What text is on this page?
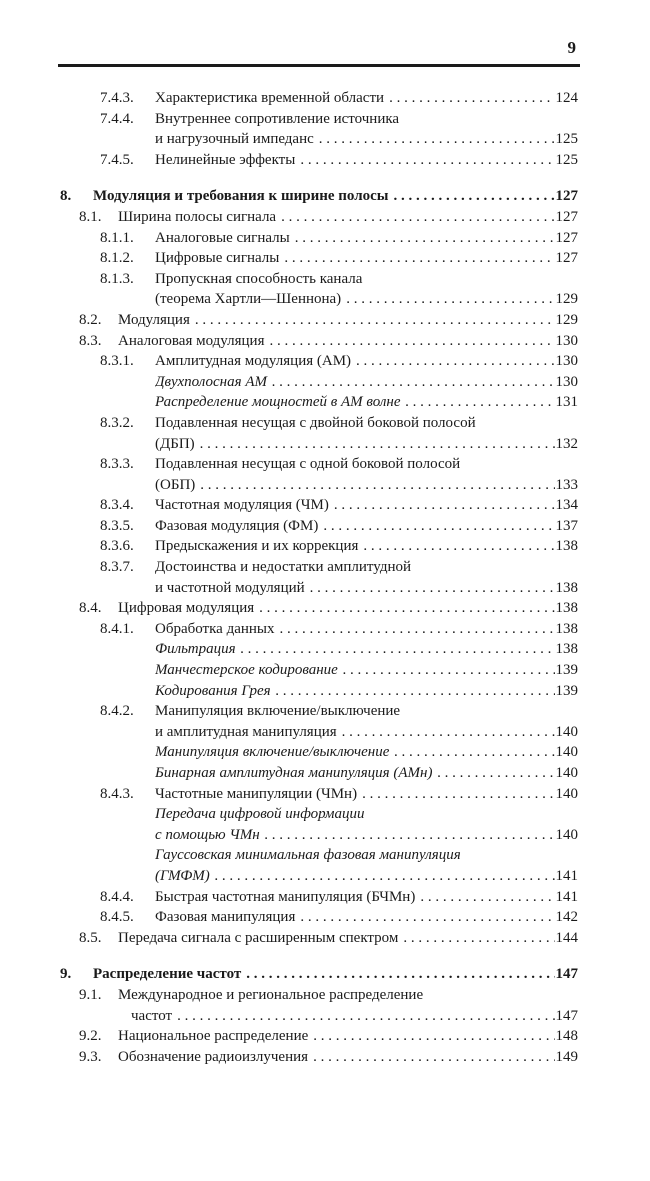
9
7.4.3. Характеристика временной области . . .	124
7.4.4. Внутреннее сопротивление источника
и нагрузочный импеданс . . .	125
7.4.5. Нелинейные эффекты . . .	125
8. Модуляция и требования к ширине полосы . . .	127
8.1. Ширина полосы сигнала . . .	127
8.1.1. Аналоговые сигналы . . .	127
8.1.2. Цифровые сигналы . . .	127
8.1.3. Пропускная способность канала
(теорема Хартли—Шеннона) . . .	129
8.2. Модуляция . . .	129
8.3. Аналоговая модуляция . . .	130
8.3.1. Амплитудная модуляция (АМ) . . .	130
Двухполосная АМ . . .	130
Распределение мощностей в АМ волне . . .	131
8.3.2. Подавленная несущая с двойной боковой полосой
(ДБП) . . .	132
8.3.3. Подавленная несущая с одной боковой полосой
(ОБП) . . .	133
8.3.4. Частотная модуляция (ЧМ) . . .	134
8.3.5. Фазовая модуляция (ФМ) . . .	137
8.3.6. Предыскажения и их коррекция . . .	138
8.3.7. Достоинства и недостатки амплитудной
и частотной модуляций . . .	138
8.4. Цифровая модуляция . . .	138
8.4.1. Обработка данных . . .	138
Фильтрация . . .	138
Манчестерское кодирование . . .	139
Кодирования Грея . . .	139
8.4.2. Манипуляция включение/выключение
и амплитудная манипуляция . . .	140
Манипуляция включение/выключение . . .	140
Бинарная амплитудная манипуляция (АМн) . . .	140
8.4.3. Частотные манипуляции (ЧМн) . . .	140
Передача цифровой информации
с помощью ЧМн . . .	140
Гауссовская минимальная фазовая манипуляция
(ГМФМ) . . .	141
8.4.4. Быстрая частотная манипуляция (БЧМн) . . .	141
8.4.5. Фазовая манипуляция . . .	142
8.5. Передача сигнала с расширенным спектром . . .	144
9. Распределение частот . . .	147
9.1. Международное и региональное распределение
частот . . .	147
9.2. Национальное распределение . . .	148
9.3. Обозначение радиоизлучения . . .	149
